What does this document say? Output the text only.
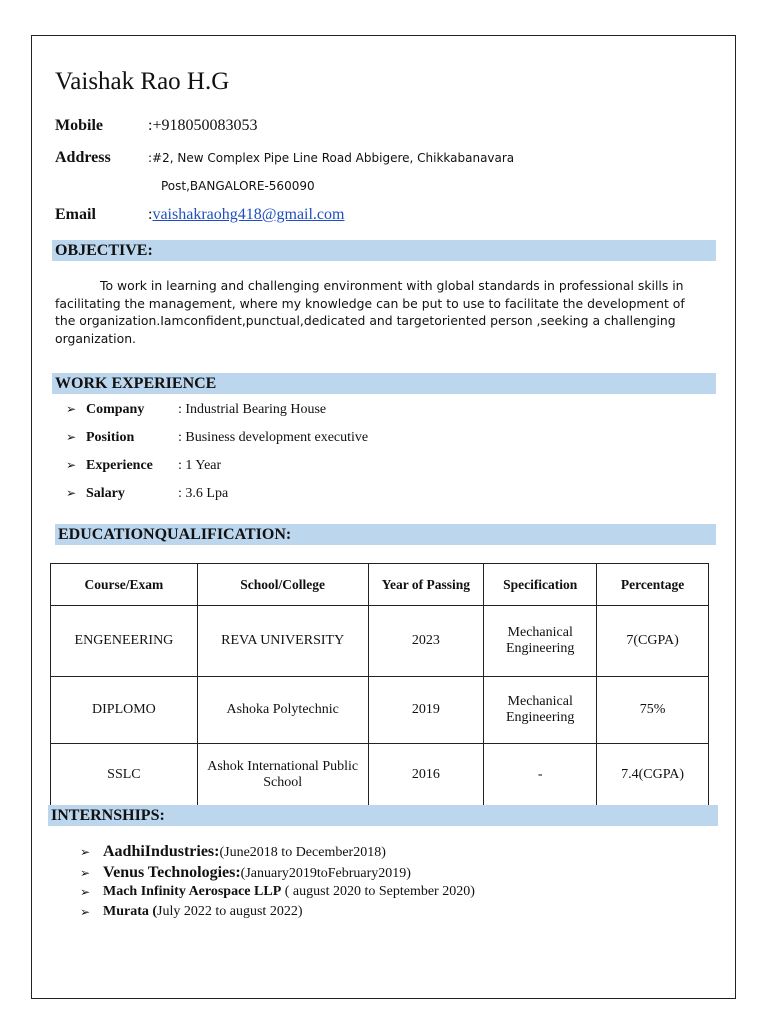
Vaishak Rao H.G
Mobile	:+918050083053
Address	:#2, New Complex Pipe Line Road Abbigere, Chikkabanavara
Post,BANGALORE-560090
Email	:vaishakraohg418@gmail.com
OBJECTIVE:
To work in learning and challenging environment with global standards in professional skills in facilitating the management, where my knowledge can be put to use to facilitate the development of the organization.Iamconfident,punctual,dedicated and targetoriented person ,seeking a challenging organization.
WORK EXPERIENCE
➢ Company : Industrial Bearing House
➢ Position	: Business development executive
➢ Experience : 1 Year
➢ Salary	: 3.6 Lpa
EDUCATIONQUALIFICATION:
Course/Exam	School/College	Year of Passing	Specification	Percentage
ENGENEERING	REVA UNIVERSITY	2023	Mechanical Engineering	7(CGPA)
DIPLOMO	Ashoka Polytechnic	2019	Mechanical Engineering	75%
SSLC	Ashok International Public School	2016	-	7.4(CGPA)
INTERNSHIPS:
➢ AadhiIndustries:(June2018 to December2018)
➢ Venus Technologies:(January2019toFebruary2019)
➢ Mach Infinity Aerospace LLP ( august 2020 to September 2020)
➢ Murata (July 2022 to august 2022)
